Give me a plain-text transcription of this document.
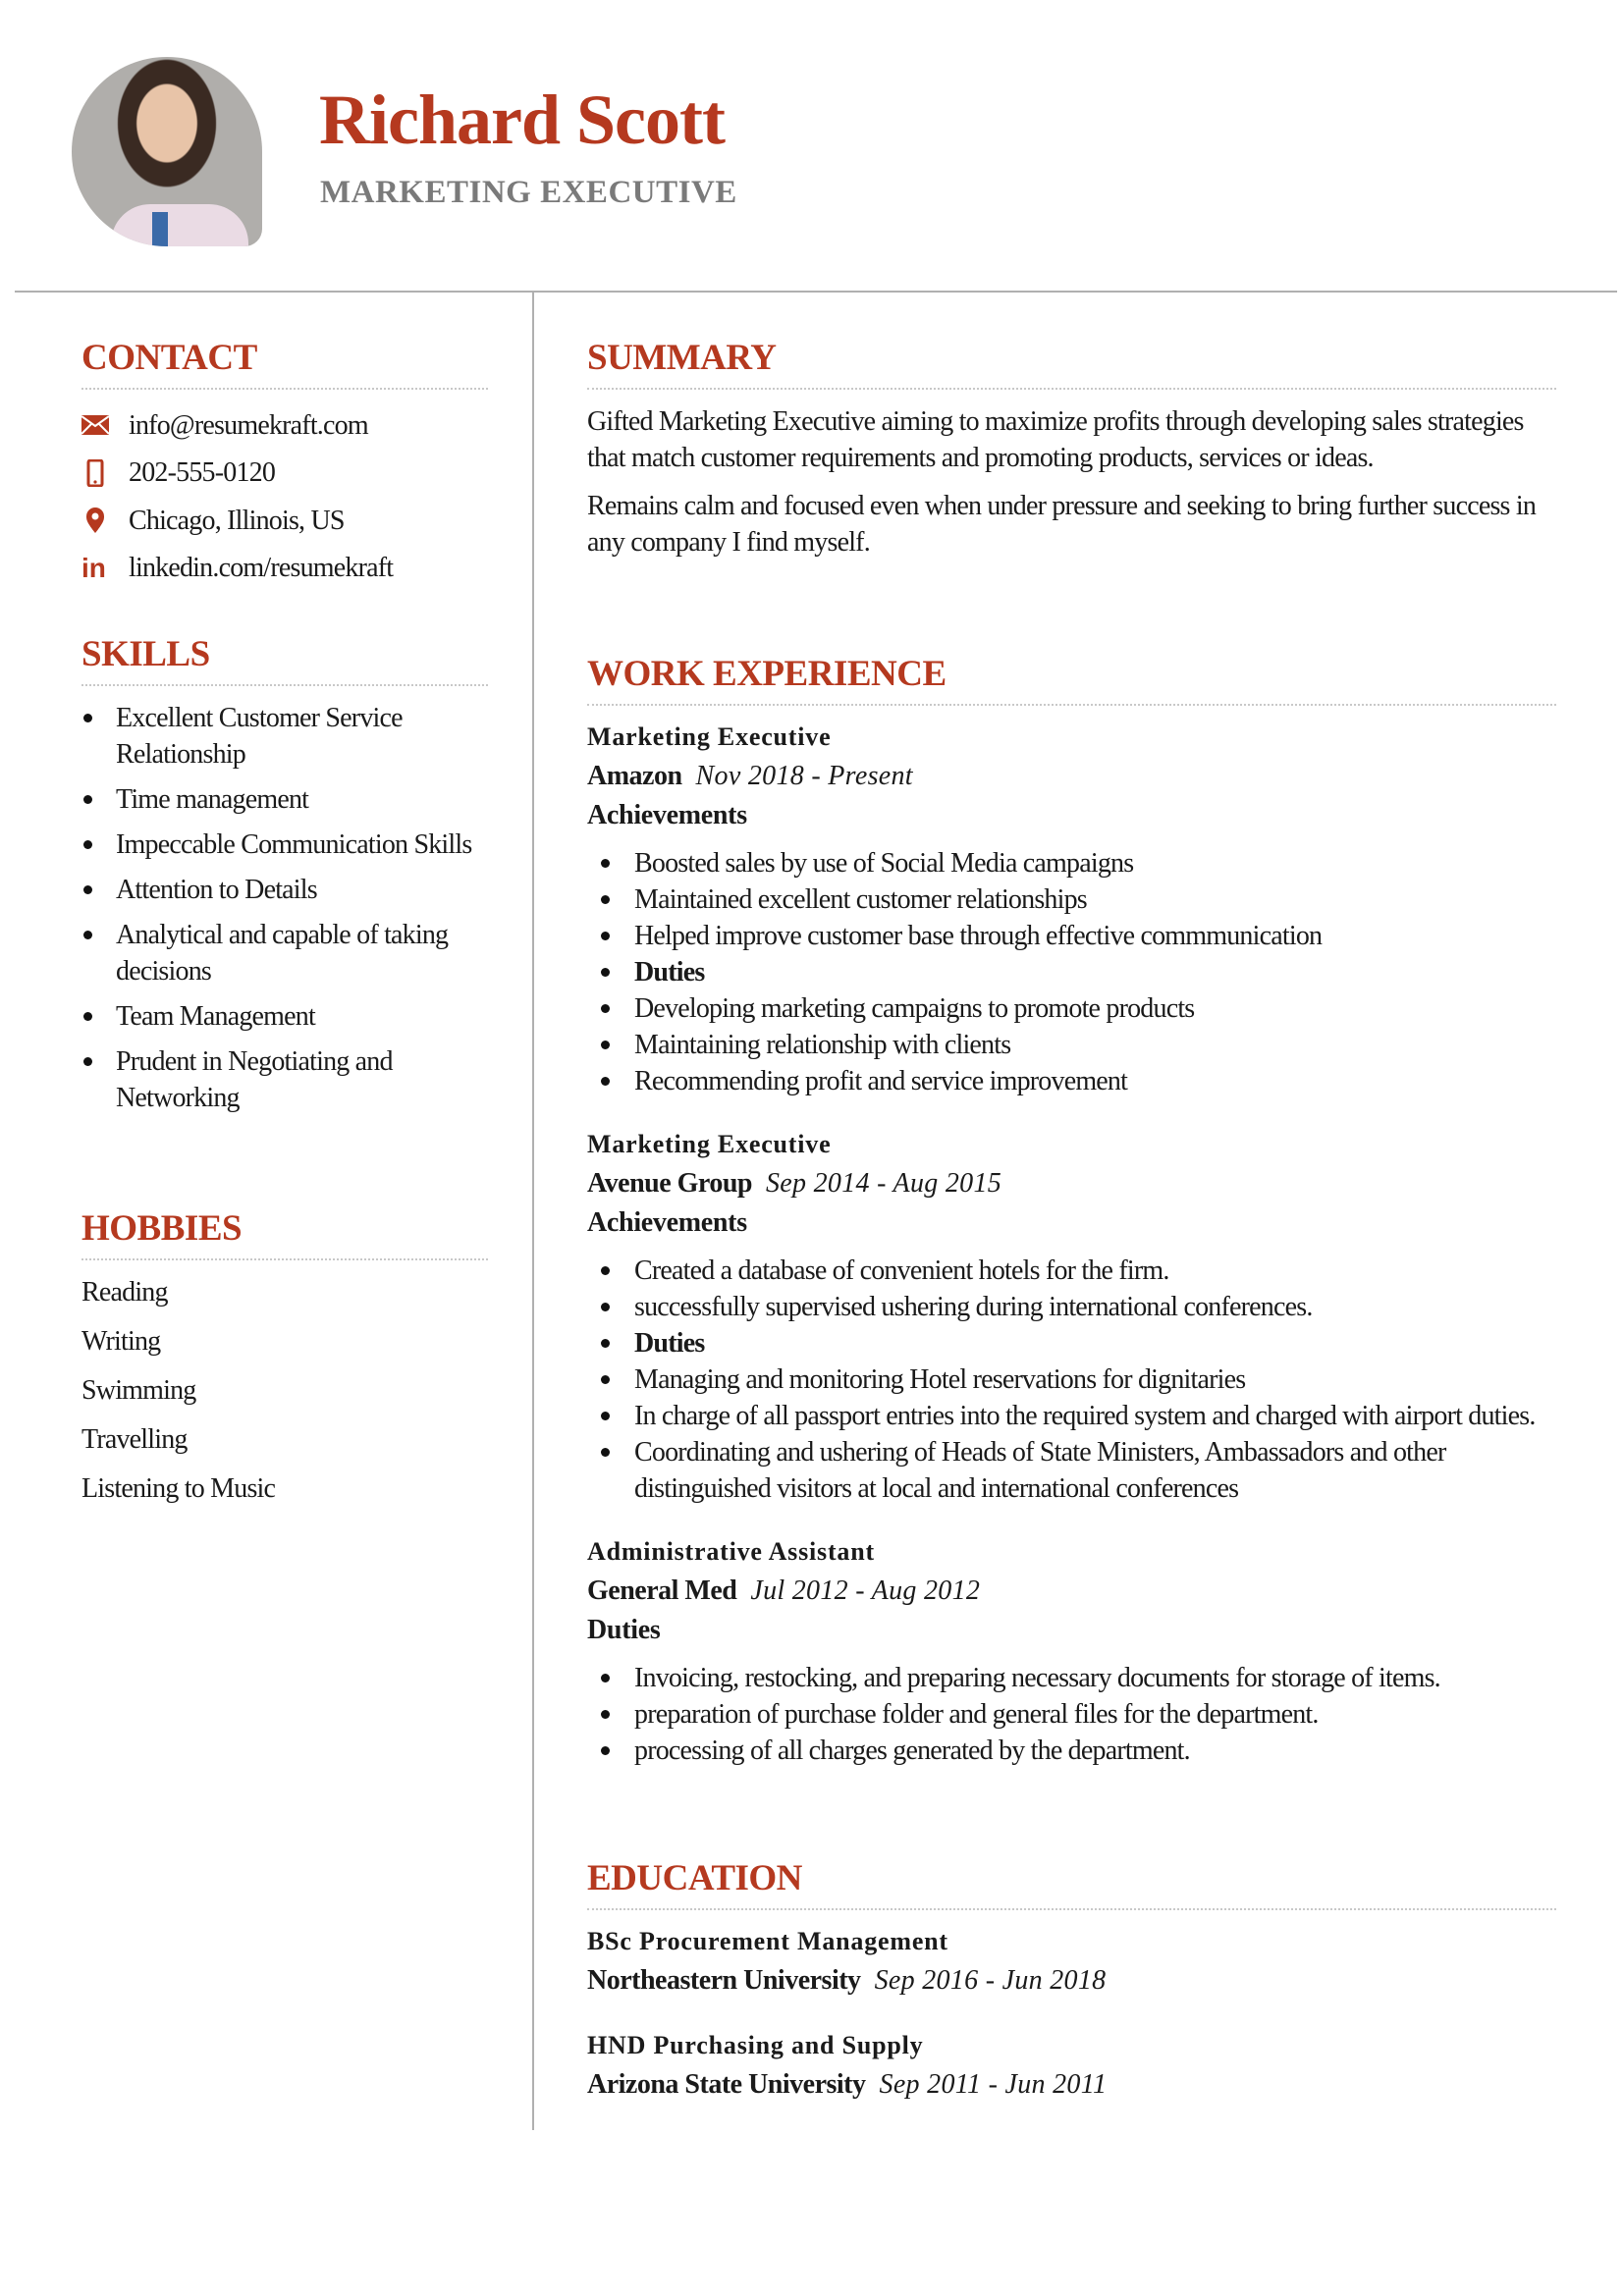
Richard Scott
MARKETING EXECUTIVE
CONTACT
info@resumekraft.com
202-555-0120
Chicago, Illinois, US
in linkedin.com/resumekraft
SKILLS
Excellent Customer Service Relationship
Time management
Impeccable Communication Skills
Attention to Details
Analytical and capable of taking decisions
Team Management
Prudent in Negotiating and Networking
HOBBIES
Reading
Writing
Swimming
Travelling
Listening to Music
SUMMARY

Gifted Marketing Executive aiming to maximize profits through developing sales strategies that match customer requirements and promoting products, services or ideas.

Remains calm and focused even when under pressure and seeking to bring further success in any company I find myself.

WORK EXPERIENCE
Marketing Executive
Amazon Nov 2018 - Present
Achievements
Boosted sales by use of Social Media campaigns
Maintained excellent customer relationships
Helped improve customer base through effective commmunication
Duties
Developing marketing campaigns to promote products
Maintaining relationship with clients
Recommending profit and service improvement
Marketing Executive
Avenue Group Sep 2014 - Aug 2015
Achievements
Created a database of convenient hotels for the firm.
successfully supervised ushering during international conferences.
Duties
Managing and monitoring Hotel reservations for dignitaries
In charge of all passport entries into the required system and charged with airport duties.
Coordinating and ushering of Heads of State Ministers, Ambassadors and other distinguished visitors at local and international conferences
Administrative Assistant
General Med Jul 2012 - Aug 2012
Duties
Invoicing, restocking, and preparing necessary documents for storage of items.
preparation of purchase folder and general files for the department.
processing of all charges generated by the department.
EDUCATION
BSc Procurement Management
Northeastern University Sep 2016 - Jun 2018
HND Purchasing and Supply
Arizona State University Sep 2011 - Jun 2011
